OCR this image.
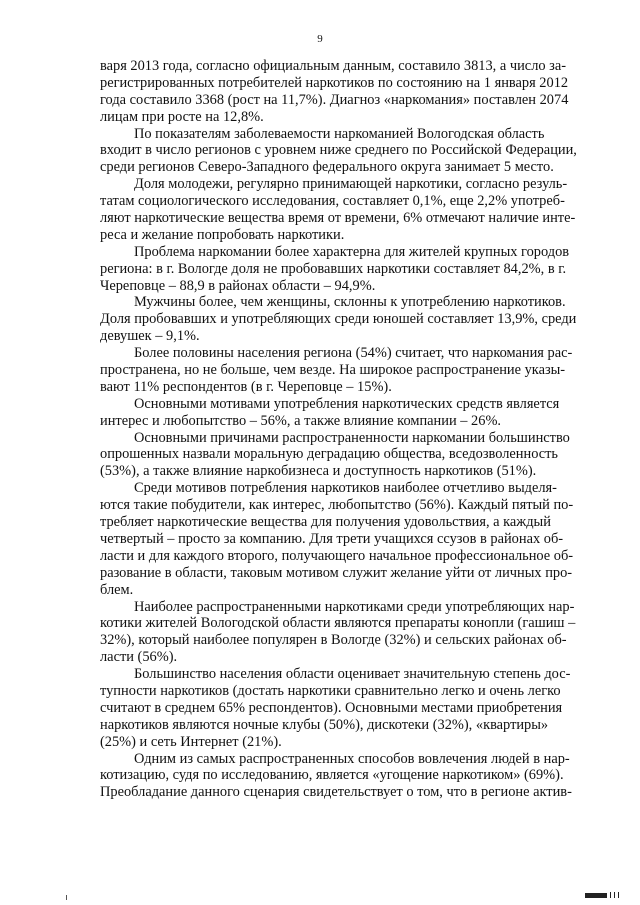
9
варя 2013 года, согласно официальным данным, составило 3813, а число за-
регистрированных потребителей наркотиков по состоянию на 1 января 2012
года составило 3368 (рост на 11,7%). Диагноз «наркомания» поставлен 2074
лицам при росте на 12,8%.
По показателям заболеваемости наркоманией Вологодская область
входит в число регионов с уровнем ниже среднего по Российской Федерации,
среди регионов Северо-Западного федерального округа занимает 5 место.
Доля молодежи, регулярно принимающей наркотики, согласно резуль-
татам социологического исследования, составляет 0,1%, еще 2,2% употреб-
ляют наркотические вещества время от времени, 6% отмечают наличие инте-
реса и желание попробовать наркотики.
Проблема наркомании более характерна для жителей крупных городов
региона: в г. Вологде доля не пробовавших наркотики составляет 84,2%, в г.
Череповце – 88,9 в районах области – 94,9%.
Мужчины более, чем женщины, склонны к употреблению наркотиков.
Доля пробовавших и употребляющих среди юношей составляет 13,9%, среди
девушек – 9,1%.
Более половины населения региона (54%) считает, что наркомания рас-
пространена, но не больше, чем везде. На широкое распространение указы-
вают 11% респондентов (в г. Череповце – 15%).
Основными мотивами употребления наркотических средств является
интерес и любопытство – 56%, а также влияние компании – 26%.
Основными причинами распространенности наркомании большинство
опрошенных назвали моральную деградацию общества, вседозволенность
(53%), а также влияние наркобизнеса и доступность наркотиков (51%).
Среди мотивов потребления наркотиков наиболее отчетливо выделя-
ются такие побудители, как интерес, любопытство (56%). Каждый пятый по-
требляет наркотические вещества для получения удовольствия, а каждый
четвертый – просто за компанию. Для трети учащихся ссузов в районах об-
ласти и для каждого второго, получающего начальное профессиональное об-
разование в области, таковым мотивом служит желание уйти от личных про-
блем.
Наиболее распространенными наркотиками среди употребляющих нар-
котики жителей Вологодской области являются препараты конопли (гашиш –
32%), который наиболее популярен в Вологде (32%) и сельских районах об-
ласти (56%).
Большинство населения области оценивает значительную степень дос-
тупности наркотиков (достать наркотики сравнительно легко и очень легко
считают в среднем 65% респондентов). Основными местами приобретения
наркотиков являются ночные клубы (50%), дискотеки (32%), «квартиры»
(25%) и сеть Интернет (21%).
Одним из самых распространенных способов вовлечения людей в нар-
котизацию, судя по исследованию, является «угощение наркотиком» (69%).
Преобладание данного сценария свидетельствует о том, что в регионе актив-
